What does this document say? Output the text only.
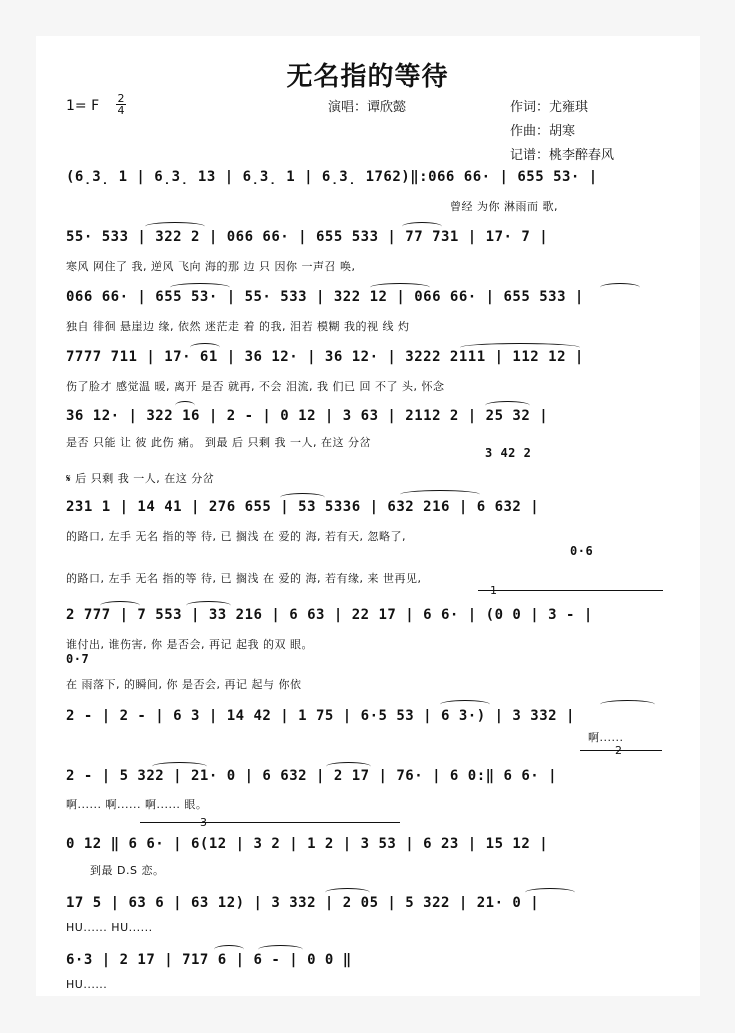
无名指的等待
1= F 2
4	演唱：谭欣懿	作词：尤雍琪
作曲：胡寒
记谱：桃李醉春风
(6̣3̣ 1 | 6̣3̣ 13 | 6̣3̣ 1 | 6̣3̣ 1762)‖:066 66· | 655 53· |
曾经 为你 淋雨而 歌,
55· 533 | 322 2 | 066 66· | 655 533 | 77 731 | 17· 7 |
寒风 网住了 我, 逆风 飞向 海的那 边 只 因你 一声召 唤,
066 66· | 655 53· | 55· 533 | 322 12 | 066 66· | 655 533 |
独自 徘徊 悬崖边 缘, 依然 迷茫走 着 的我, 泪若 模糊 我的视 线 灼
7777 711 | 17· 61 | 36 12· | 36 12· | 3222 2111 | 112 12 |
伤了脸才 感觉温 暖, 离开 是否 就再, 不会 泪流, 我 们已 回 不了 头, 怀念
36 12· | 322 16 | 2 - | 0 12 | 3 63 | 2112 2 | 25 32 |
是否 只能 让 彼 此伤 痛。 到最 后 只剩 我 一人, 在这 分岔
3 42 2
𝄋 后 只剩 我 一人, 在这 分岔
231 1 | 14 41 | 276 655 | 53 5336 | 632 216 | 6 632 |
的路口, 左手 无名 指的等 待, 已 搁浅 在 爱的 海, 若有天, 忽略了,
0·6
的路口, 左手 无名 指的等 待, 已 搁浅 在 爱的 海, 若有缘, 来 世再见,
1
2 777 | 7 553 | 33 216 | 6 63 | 22 17 | 6 6· | (0 0 | 3 - |
谁付出, 谁伤害, 你 是否会, 再记 起我 的双 眼。
0·7
在 雨落下, 的瞬间, 你 是否会, 再记 起与 你依
2 - | 2 - | 6 3 | 14 42 | 1 75 | 6·5 53 | 6 3·) | 3 332 |
啊......
2
2 - | 5 322 | 21· 0 | 6 632 | 2 17 | 76· | 6 0:‖ 6 6· |
啊...... 啊...... 啊...... 眼。
3
0 12 ‖ 6 6· | 6(12 | 3 2 | 1 2 | 3 53 | 6 23 | 15 12 |
到最 D.S 恋。
17 5 | 63 6 | 63 12) | 3 332 | 2 05 | 5 322 | 21· 0 |
HU...... HU......
6·3 | 2 17 | 717 6 | 6 - | 0 0 ‖
HU......
